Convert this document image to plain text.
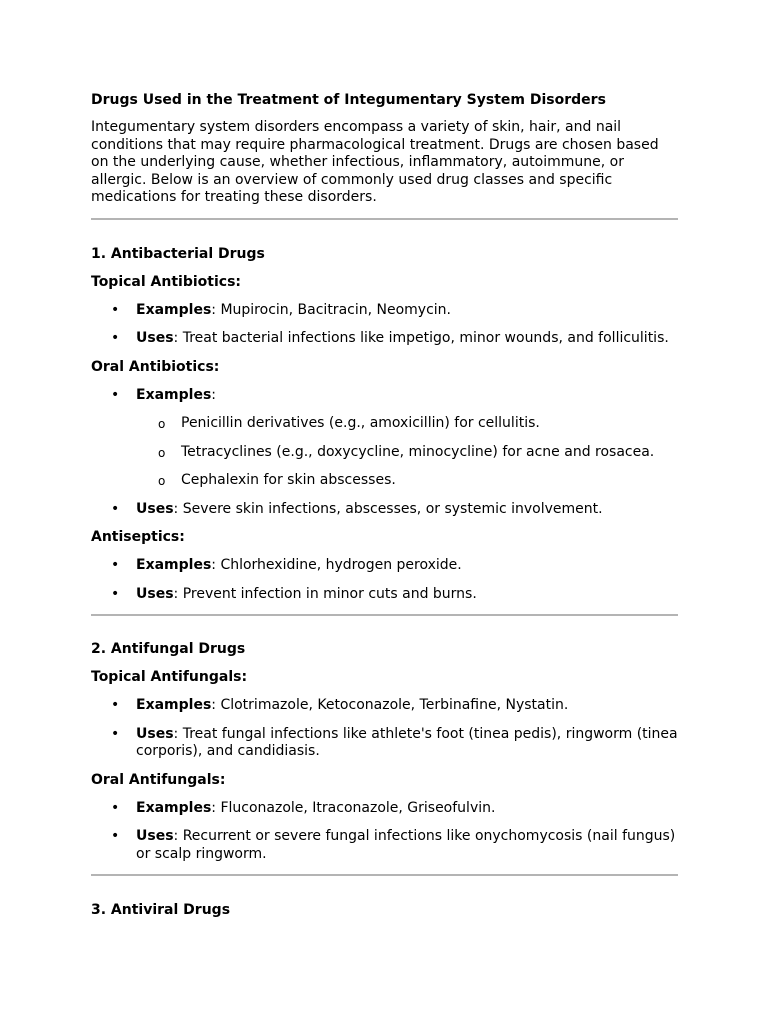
Drugs Used in the Treatment of Integumentary System Disorders

Integumentary system disorders encompass a variety of skin, hair, and nail conditions that may require pharmacological treatment. Drugs are chosen based on the underlying cause, whether infectious, inflammatory, autoimmune, or allergic. Below is an overview of commonly used drug classes and specific medications for treating these disorders.

1. Antibacterial Drugs
Topical Antibiotics:
• Examples: Mupirocin, Bacitracin, Neomycin.
• Uses: Treat bacterial infections like impetigo, minor wounds, and folliculitis.
Oral Antibiotics:
• Examples:
o Penicillin derivatives (e.g., amoxicillin) for cellulitis.
o Tetracyclines (e.g., doxycycline, minocycline) for acne and rosacea.
o Cephalexin for skin abscesses.
• Uses: Severe skin infections, abscesses, or systemic involvement.
Antiseptics:
• Examples: Chlorhexidine, hydrogen peroxide.
• Uses: Prevent infection in minor cuts and burns.
2. Antifungal Drugs
Topical Antifungals:
• Examples: Clotrimazole, Ketoconazole, Terbinafine, Nystatin.
• Uses: Treat fungal infections like athlete's foot (tinea pedis), ringworm (tinea corporis), and candidiasis.
Oral Antifungals:
• Examples: Fluconazole, Itraconazole, Griseofulvin.
• Uses: Recurrent or severe fungal infections like onychomycosis (nail fungus) or scalp ringworm.
3. Antiviral Drugs
